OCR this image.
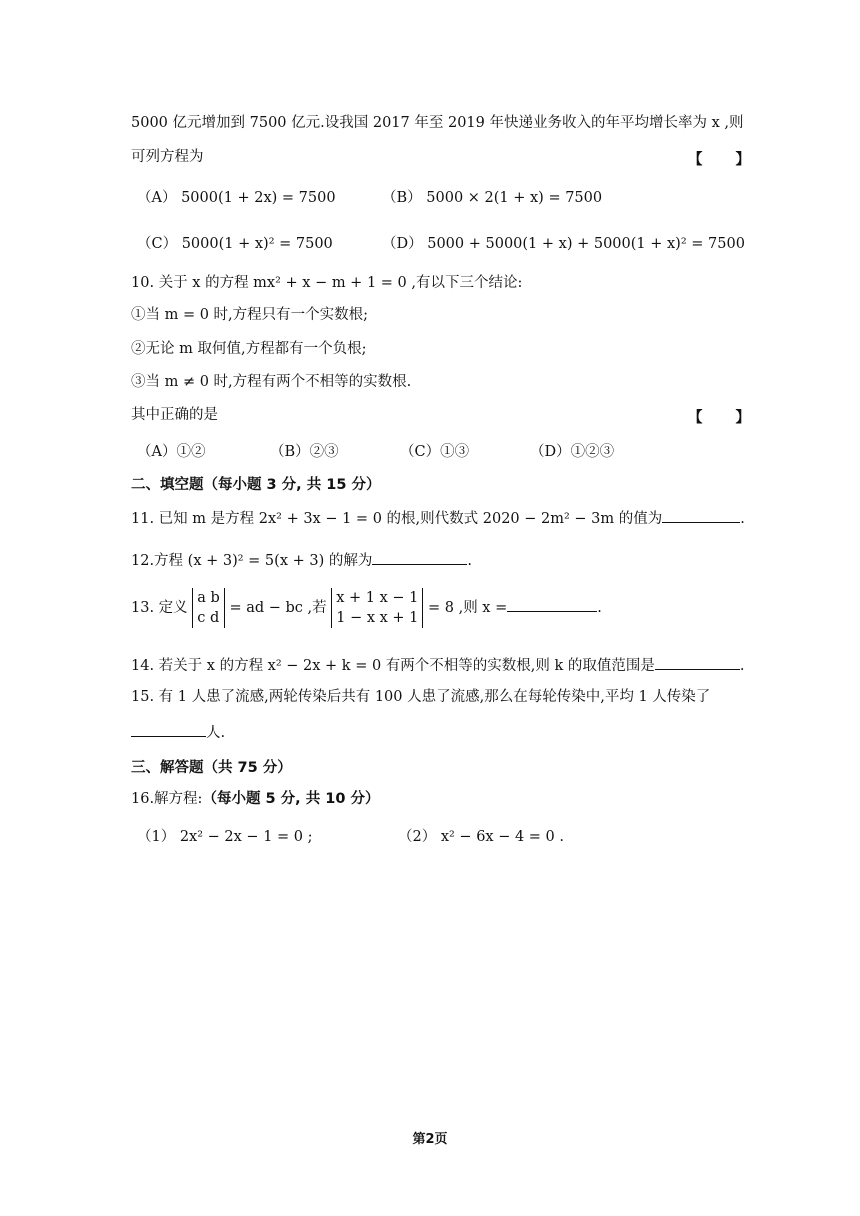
5000 亿元增加到 7500 亿元.设我国 2017 年至 2019 年快递业务收入的年平均增长率为 x ,则
可列方程为	【 】
（A） 5000(1 + 2x) = 7500	（B） 5000 × 2(1 + x) = 7500
（C） 5000(1 + x)² = 7500	（D） 5000 + 5000(1 + x) + 5000(1 + x)² = 7500
10. 关于 x 的方程 mx² + x − m + 1 = 0 ,有以下三个结论:
①当 m = 0 时,方程只有一个实数根;
②无论 m 取何值,方程都有一个负根;
③当 m ≠ 0 时,方程有两个不相等的实数根.
其中正确的是	【 】
（A）①②	（B）②③	（C）①③	（D）①②③
二、填空题（每小题 3 分, 共 15 分）
11. 已知 m 是方程 2x² + 3x − 1 = 0 的根,则代数式 2020 − 2m² − 3m 的值为	.
12.方程 (x + 3)² = 5(x + 3) 的解为	.
13. 定义
a b
c d
= ad − bc ,若
x + 1 x − 1
1 − x x + 1
= 8 ,则 x =	.
14. 若关于 x 的方程 x² − 2x + k = 0 有两个不相等的实数根,则 k 的取值范围是	.
15. 有 1 人患了流感,两轮传染后共有 100 人患了流感,那么在每轮传染中,平均 1 人传染了
人.
三、解答题（共 75 分）
16.解方程:（每小题 5 分, 共 10 分）
（1） 2x² − 2x − 1 = 0 ;	（2） x² − 6x − 4 = 0 .
第2页
